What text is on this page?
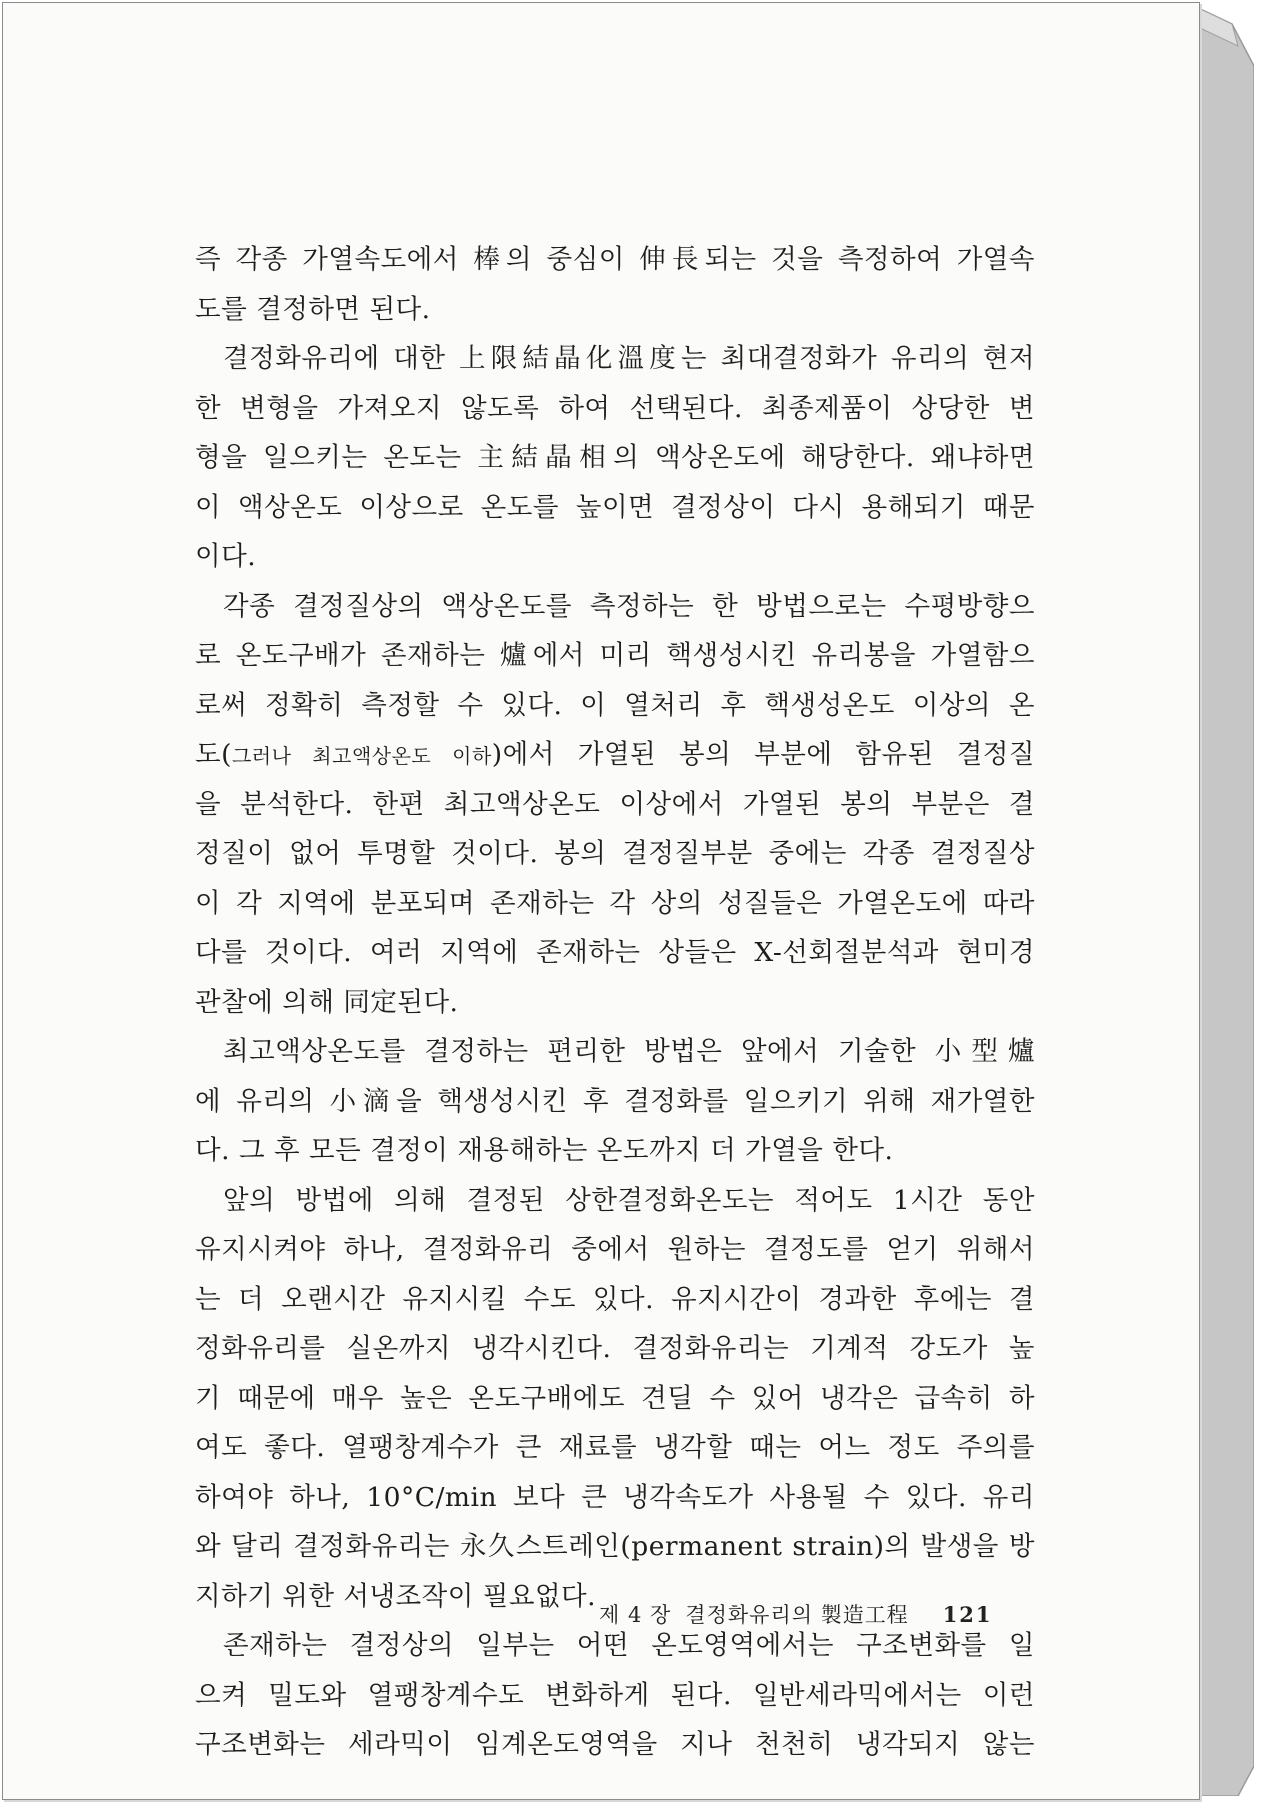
즉 각종 가열속도에서 棒의 중심이 伸長되는 것을 측정하여 가열속
도를 결정하면 된다.
결정화유리에 대한 上限結晶化溫度는 최대결정화가 유리의 현저
한 변형을 가져오지 않도록 하여 선택된다. 최종제품이 상당한 변
형을 일으키는 온도는 主結晶相의 액상온도에 해당한다. 왜냐하면
이 액상온도 이상으로 온도를 높이면 결정상이 다시 용해되기 때문
이다.
각종 결정질상의 액상온도를 측정하는 한 방법으로는 수평방향으
로 온도구배가 존재하는 爐에서 미리 핵생성시킨 유리봉을 가열함으
로써 정확히 측정할 수 있다. 이 열처리 후 핵생성온도 이상의 온
도(그러나 최고액상온도 이하)에서 가열된 봉의 부분에 함유된 결정질
을 분석한다. 한편 최고액상온도 이상에서 가열된 봉의 부분은 결
정질이 없어 투명할 것이다. 봉의 결정질부분 중에는 각종 결정질상
이 각 지역에 분포되며 존재하는 각 상의 성질들은 가열온도에 따라
다를 것이다. 여러 지역에 존재하는 상들은 X-선회절분석과 현미경
관찰에 의해 同定된다.
최고액상온도를 결정하는 편리한 방법은 앞에서 기술한 小型爐
에 유리의 小滴을 핵생성시킨 후 결정화를 일으키기 위해 재가열한
다. 그 후 모든 결정이 재용해하는 온도까지 더 가열을 한다.
앞의 방법에 의해 결정된 상한결정화온도는 적어도 1시간 동안
유지시켜야 하나, 결정화유리 중에서 원하는 결정도를 얻기 위해서
는 더 오랜시간 유지시킬 수도 있다. 유지시간이 경과한 후에는 결
정화유리를 실온까지 냉각시킨다. 결정화유리는 기계적 강도가 높
기 때문에 매우 높은 온도구배에도 견딜 수 있어 냉각은 급속히 하
여도 좋다. 열팽창계수가 큰 재료를 냉각할 때는 어느 정도 주의를
하여야 하나, 10°C/min 보다 큰 냉각속도가 사용될 수 있다. 유리
와 달리 결정화유리는 永久스트레인(permanent strain)의 발생을 방
지하기 위한 서냉조작이 필요없다.
존재하는 결정상의 일부는 어떤 온도영역에서는 구조변화를 일
으켜 밀도와 열팽창계수도 변화하게 된다. 일반세라믹에서는 이런
구조변화는 세라믹이 임계온도영역을 지나 천천히 냉각되지 않는
제 4 장 결정화유리의 製造工程 121
